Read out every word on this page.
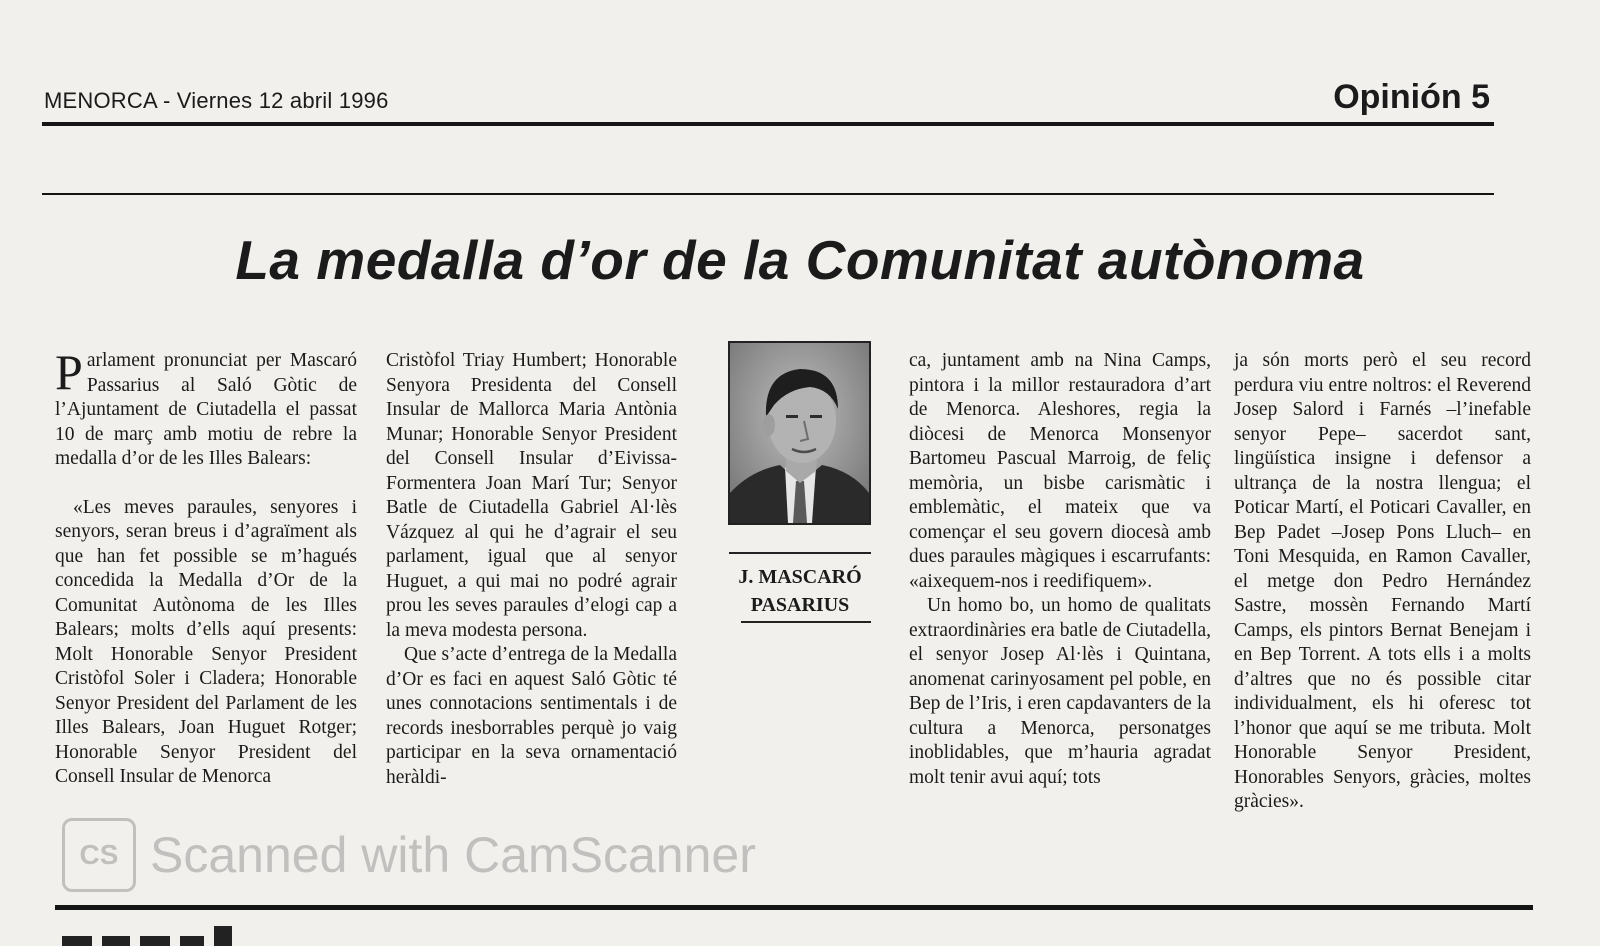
MENORCA - Viernes 12 abril 1996	Opinión 5
La medalla d’or de la Comunitat autònoma

Parlament pronunciat per Mascaró Passarius al Saló Gòtic de l’Ajuntament de Ciutadella el passat 10 de març amb motiu de rebre la medalla d’or de les Illes Balears:

«Les meves paraules, senyores i senyors, seran breus i d’agraïment als que han fet possible se m’hagués concedida la Medalla d’Or de la Comunitat Autònoma de les Illes Balears; molts d’ells aquí presents: Molt Honorable Senyor President Cristòfol Soler i Cladera; Honorable Senyor President del Parlament de les Illes Balears, Joan Huguet Rotger; Honorable Senyor President del Consell Insular de Menorca

Cristòfol Triay Humbert; Honorable Senyora Presidenta del Consell Insular de Mallorca Maria Antònia Munar; Honorable Senyor President del Consell Insular d’Eivissa-Formentera Joan Marí Tur; Senyor Batle de Ciutadella Gabriel Al·lès Vázquez al qui he d’agrair el seu parlament, igual que al senyor Huguet, a qui mai no podré agrair prou les seves paraules d’elogi cap a la meva modesta persona.

Que s’acte d’entrega de la Medalla d’Or es faci en aquest Saló Gòtic té unes connotacions sentimentals i de records inesborrables perquè jo vaig participar en la seva ornamentació heràldi-

J. MASCARÓ PASARIUS

ca, juntament amb na Nina Camps, pintora i la millor restauradora d’art de Menorca. Aleshores, regia la diòcesi de Menorca Monsenyor Bartomeu Pascual Marroig, de feliç memòria, un bisbe carismàtic i emblemàtic, el mateix que va començar el seu govern diocesà amb dues paraules màgiques i escarrufants: «aixequem-nos i reedifiquem».

Un homo bo, un homo de qualitats extraordinàries era batle de Ciutadella, el senyor Josep Al·lès i Quintana, anomenat carinyosament pel poble, en Bep de l’Iris, i eren capdavanters de la cultura a Menorca, personatges inoblidables, que m’hauria agradat molt tenir avui aquí; tots

ja són morts però el seu record perdura viu entre noltros: el Reverend Josep Salord i Farnés –l’inefable senyor Pepe– sacerdot sant, lingüística insigne i defensor a ultrança de la nostra llengua; el Poticar Martí, el Poticari Cavaller, en Bep Padet –Josep Pons Lluch– en Toni Mesquida, en Ramon Cavaller, el metge don Pedro Hernández Sastre, mossèn Fernando Martí Camps, els pintors Bernat Benejam i en Bep Torrent. A tots ells i a molts d’altres que no és possible citar individualment, els hi oferesc tot l’honor que aquí se me tributa. Molt Honorable Senyor President, Honorables Senyors, gràcies, moltes gràcies».

CS Scanned with CamScanner
